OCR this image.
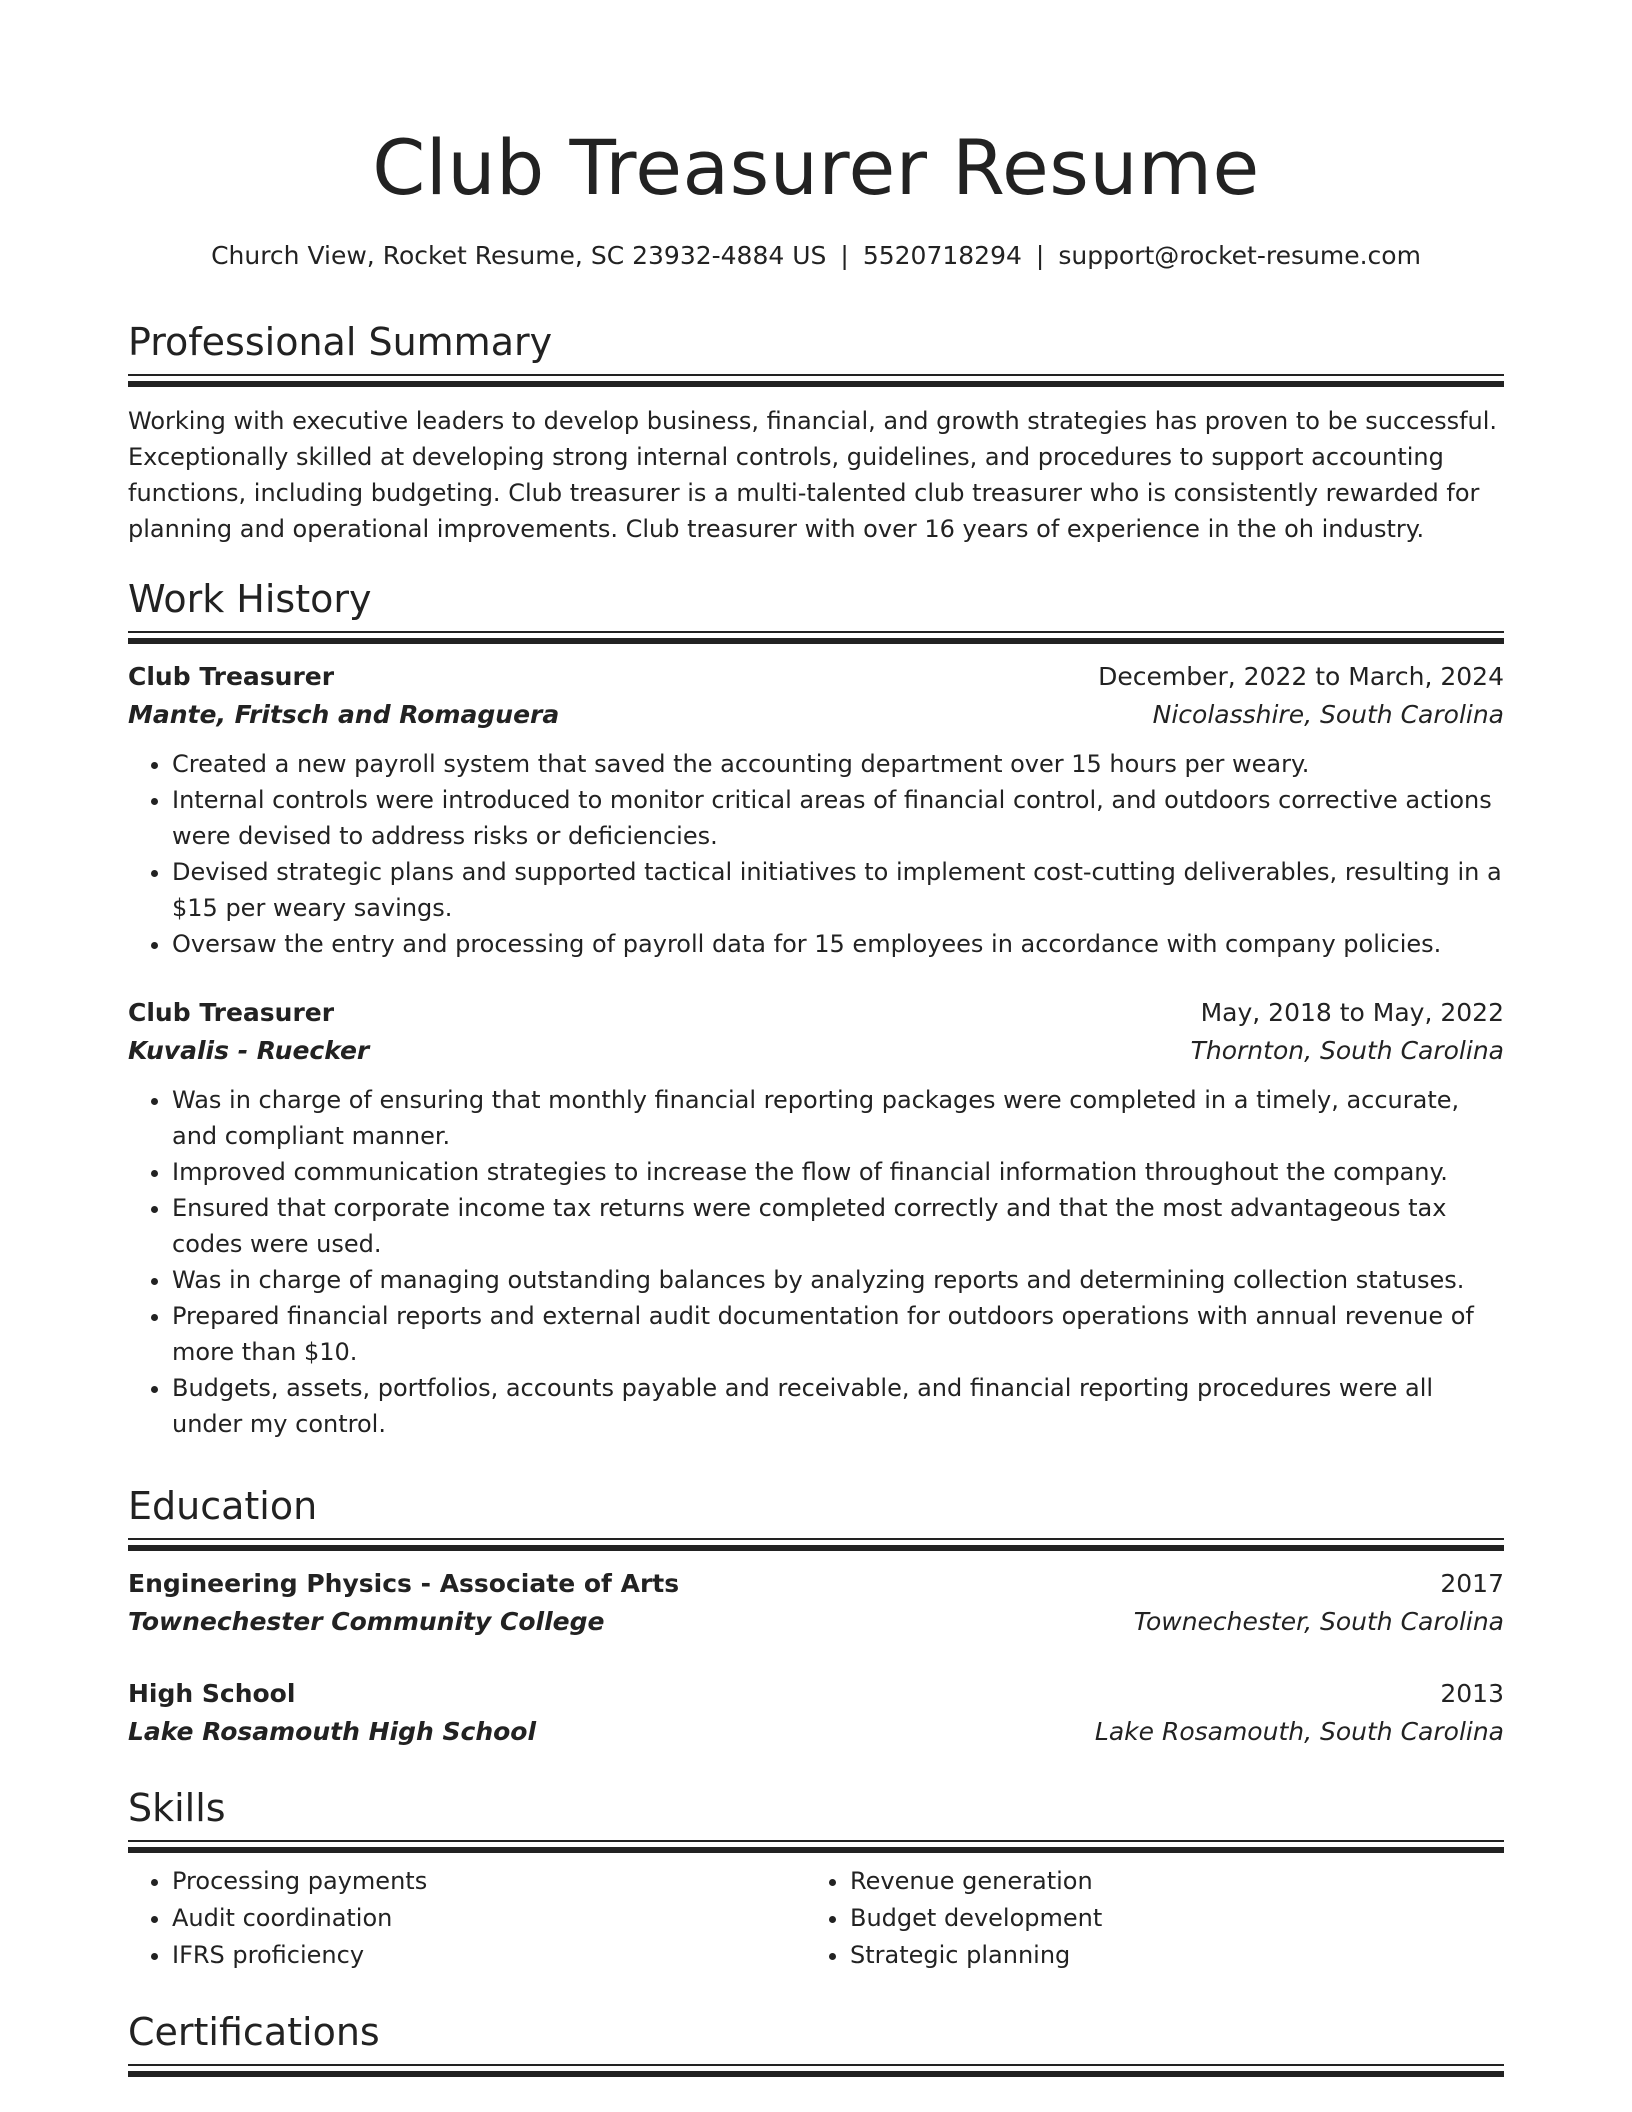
Club Treasurer Resume
Church View, Rocket Resume, SC 23932-4884 US | 5520718294 | support@rocket-resume.com
Professional Summary

Working with executive leaders to develop business, financial, and growth strategies has proven to be successful. Exceptionally skilled at developing strong internal controls, guidelines, and procedures to support accounting functions, including budgeting. Club treasurer is a multi-talented club treasurer who is consistently rewarded for planning and operational improvements. Club treasurer with over 16 years of experience in the oh industry.

Work History
Club Treasurer	December, 2022 to March, 2024
Mante, Fritsch and Romaguera	Nicolasshire, South Carolina
• Created a new payroll system that saved the accounting department over 15 hours per weary.
• Internal controls were introduced to monitor critical areas of financial control, and outdoors corrective actions were devised to address risks or deficiencies.
• Devised strategic plans and supported tactical initiatives to implement cost-cutting deliverables, resulting in a $15 per weary savings.
• Oversaw the entry and processing of payroll data for 15 employees in accordance with company policies.
Club Treasurer	May, 2018 to May, 2022
Kuvalis - Ruecker	Thornton, South Carolina
• Was in charge of ensuring that monthly financial reporting packages were completed in a timely, accurate, and compliant manner.
• Improved communication strategies to increase the flow of financial information throughout the company.
• Ensured that corporate income tax returns were completed correctly and that the most advantageous tax codes were used.
• Was in charge of managing outstanding balances by analyzing reports and determining collection statuses.
• Prepared financial reports and external audit documentation for outdoors operations with annual revenue of more than $10.
• Budgets, assets, portfolios, accounts payable and receivable, and financial reporting procedures were all under my control.
Education
Engineering Physics - Associate of Arts	2017
Townechester Community College	Townechester, South Carolina
High School	2013
Lake Rosamouth High School	Lake Rosamouth, South Carolina
Skills
• Processing payments
• Audit coordination
• IFRS proficiency
• Revenue generation
• Budget development
• Strategic planning
Certifications
